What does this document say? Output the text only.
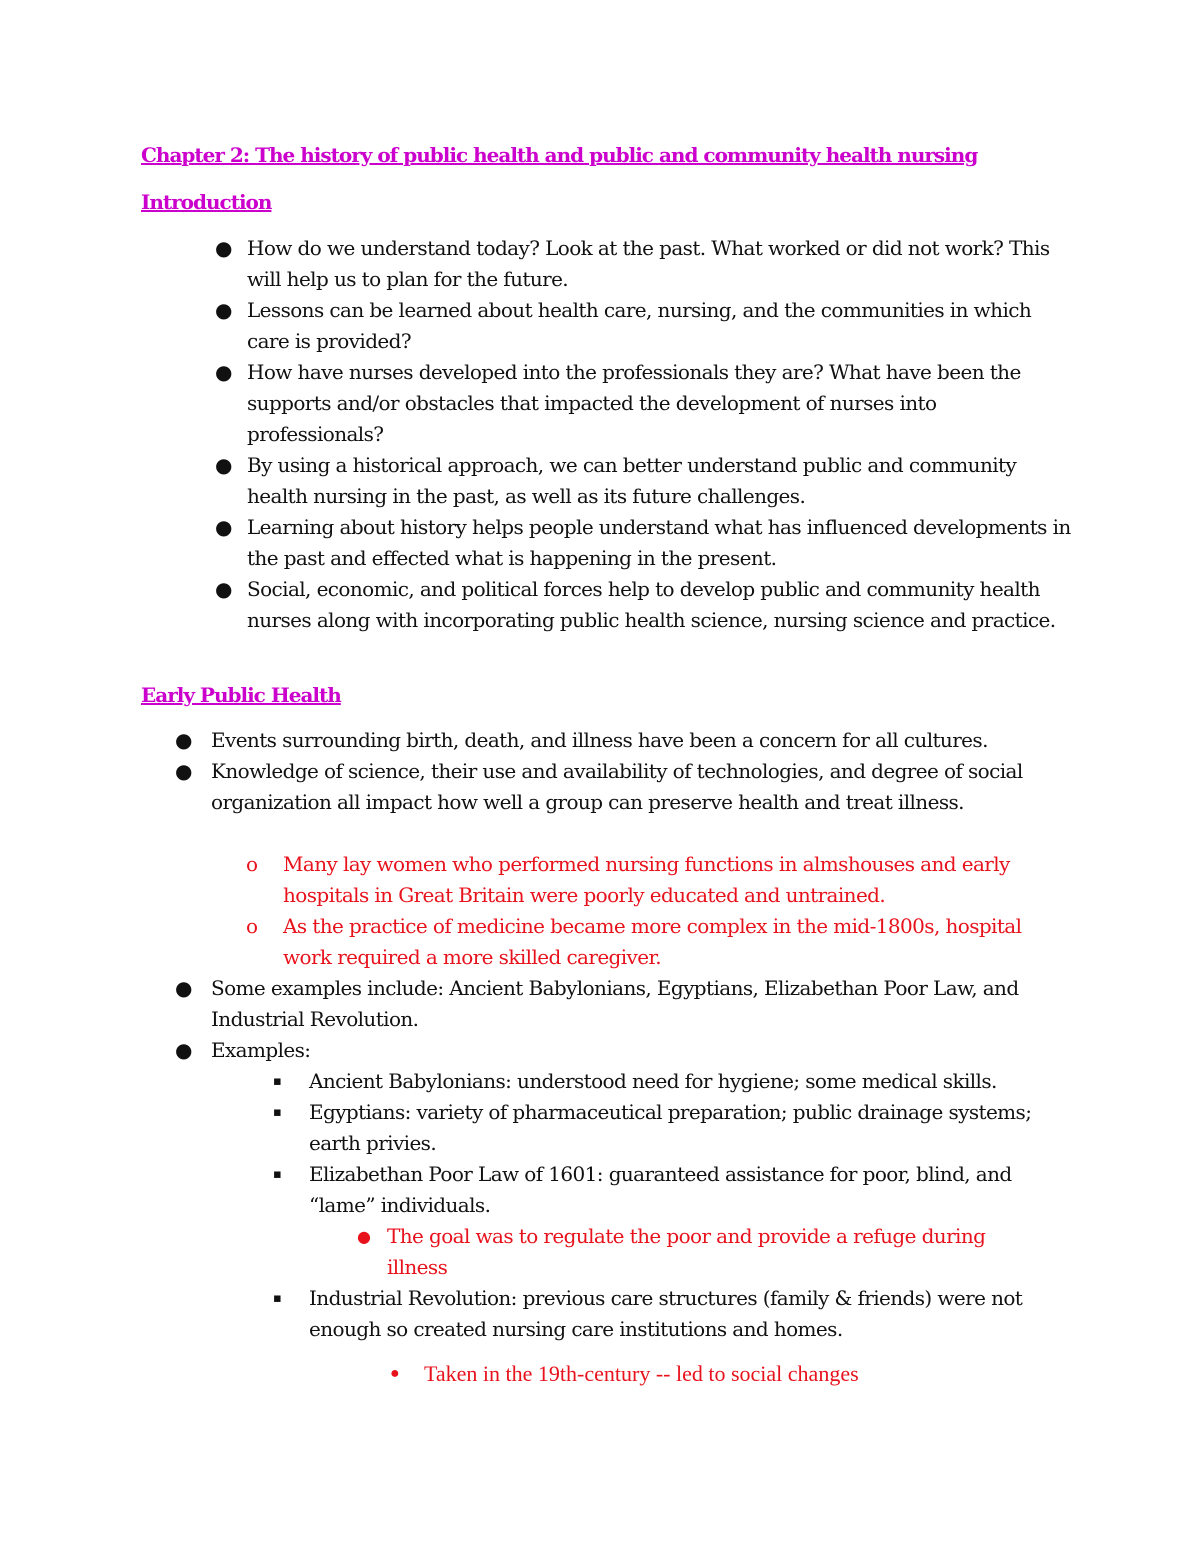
Chapter 2: The history of public health and public and community health nursing
Introduction
● How do we understand today? Look at the past. What worked or did not work? This will help us to plan for the future.
● Lessons can be learned about health care, nursing, and the communities in which care is provided?
● How have nurses developed into the professionals they are? What have been the supports and/or obstacles that impacted the development of nurses into professionals?
● By using a historical approach, we can better understand public and community health nursing in the past, as well as its future challenges.
● Learning about history helps people understand what has influenced developments in the past and effected what is happening in the present.
● Social, economic, and political forces help to develop public and community health nurses along with incorporating public health science, nursing science and practice.
Early Public Health
● Events surrounding birth, death, and illness have been a concern for all cultures.
● Knowledge of science, their use and availability of technologies, and degree of social organization all impact how well a group can preserve health and treat illness.
o Many lay women who performed nursing functions in almshouses and early hospitals in Great Britain were poorly educated and untrained.
o As the practice of medicine became more complex in the mid-1800s, hospital work required a more skilled caregiver.
● Some examples include: Ancient Babylonians, Egyptians, Elizabethan Poor Law, and Industrial Revolution.
● Examples:
▪ Ancient Babylonians: understood need for hygiene; some medical skills.
▪ Egyptians: variety of pharmaceutical preparation; public drainage systems; earth privies.
▪ Elizabethan Poor Law of 1601: guaranteed assistance for poor, blind, and “lame” individuals.
● The goal was to regulate the poor and provide a refuge during illness
▪ Industrial Revolution: previous care structures (family & friends) were not enough so created nursing care institutions and homes.
● Taken in the 19th-century -- led to social changes
